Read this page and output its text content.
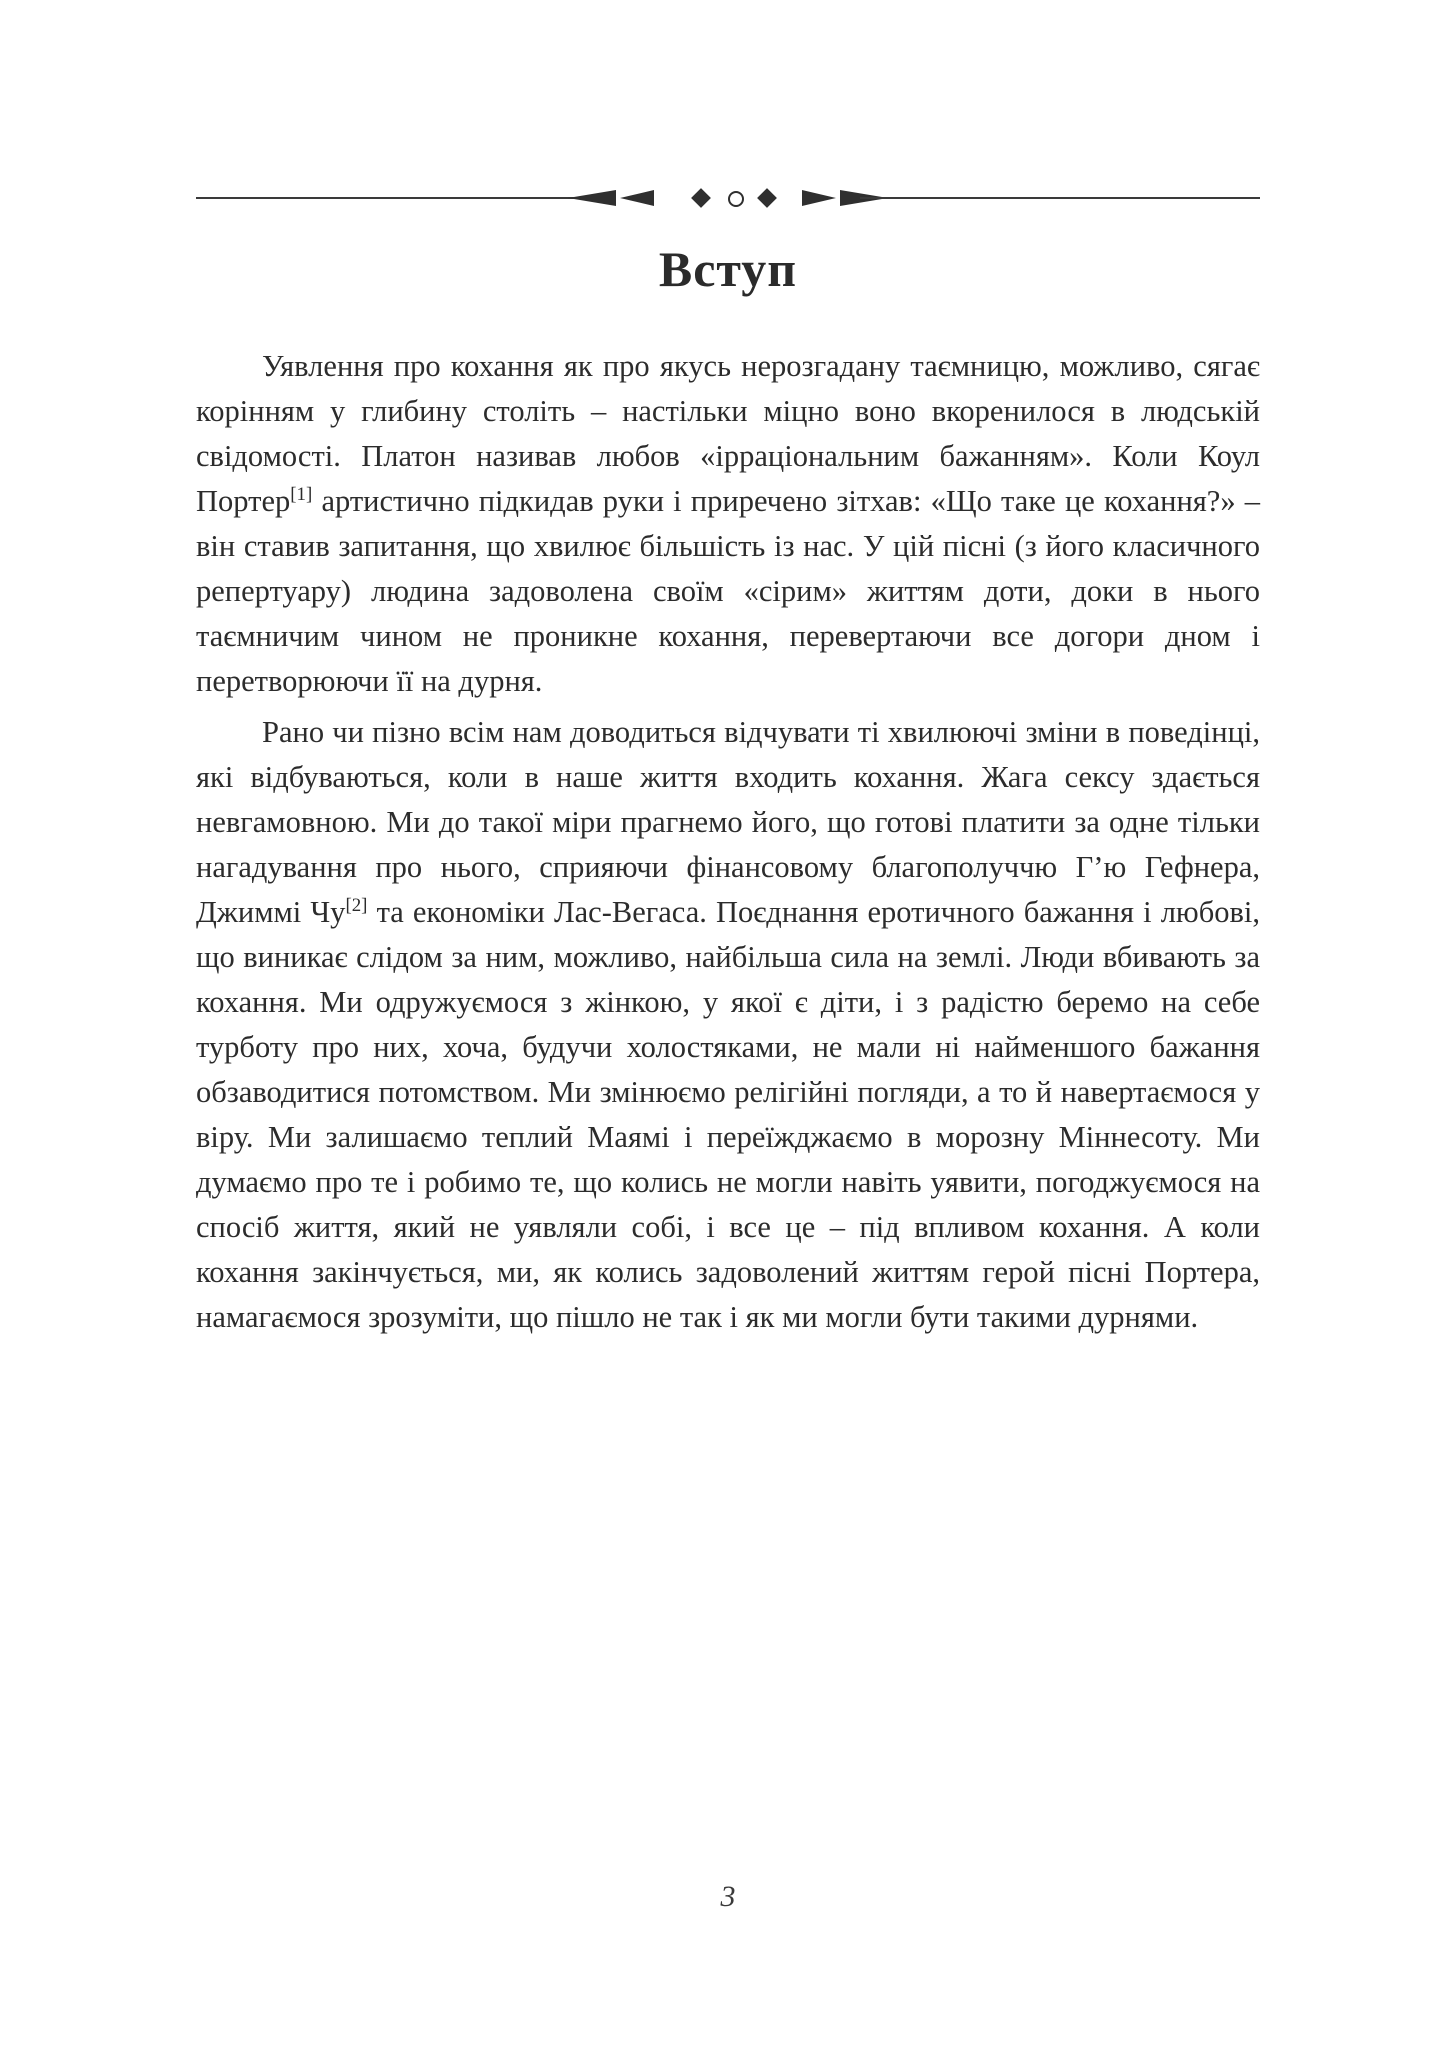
Вступ

Уявлення про кохання як про якусь нерозгадану таємницю, можливо, сягає корінням у глибину століть – настільки міцно воно вкоренилося в людській свідомості. Платон називав любов «ірраціональним бажанням». Коли Коул Портер[1] артистично підкидав руки і приречено зітхав: «Що таке це кохання?» – він ставив запитання, що хвилює більшість із нас. У цій пісні (з його класичного репертуару) людина задоволена своїм «сірим» життям доти, доки в нього таємничим чином не проникне кохання, перевертаючи все догори дном і перетворюючи її на дурня.

Рано чи пізно всім нам доводиться відчувати ті хвилюючі зміни в поведінці, які відбуваються, коли в наше життя входить кохання. Жага сексу здається невгамовною. Ми до такої міри прагнемо його, що готові платити за одне тільки нагадування про нього, сприяючи фінансовому благополуччю Г’ю Гефнера, Джиммі Чу[2] та економіки Лас-Вегаса. Поєднання еротичного бажання і любові, що виникає слідом за ним, можливо, найбільша сила на землі. Люди вбивають за кохання. Ми одружуємося з жінкою, у якої є діти, і з радістю беремо на себе турботу про них, хоча, будучи холостяками, не мали ні найменшого бажання обзаводитися потомством. Ми змінюємо релігійні погляди, а то й навертаємося у віру. Ми залишаємо теплий Маямі і переїжджаємо в морозну Міннесоту. Ми думаємо про те і робимо те, що колись не могли навіть уявити, погоджуємося на спосіб життя, який не уявляли собі, і все це – під впливом кохання. А коли кохання закінчується, ми, як колись задоволений життям герой пісні Портера, намагаємося зрозуміти, що пішло не так і як ми могли бути такими дурнями.

3
